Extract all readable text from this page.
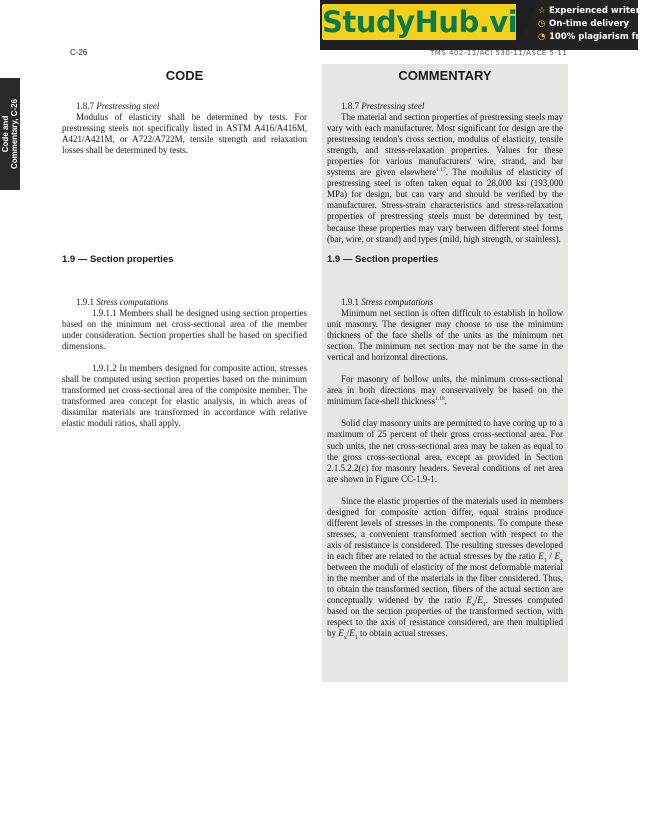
StudyHub.vip ☆ Experienced writers
◷ On-time delivery
◔ 100% plagiarism free
TMS 402-11/ACI 530-11/ASCE 5-11
C-26
Code and
Commentary, C-26
CODE	COMMENTARY
1.8.7 Prestressing steel

Modulus of elasticity shall be determined by tests. For prestressing steels not specifically listed in ASTM A416/A416M, A421/A421M, or A722/A722M, tensile strength and relaxation losses shall be determined by tests.

1.9 — Section properties
1.9.1 Stress computations

1.9.1.1 Members shall be designed using section properties based on the minimum net cross-sectional area of the member under consideration. Section properties shall be based on specified dimensions.

1.9.1.2 In members designed for composite action, stresses shall be computed using section properties based on the minimum transformed net cross-sectional area of the composite member. The transformed area concept for elastic analysis, in which areas of dissimilar materials are transformed in accordance with relative elastic moduli ratios, shall apply.

1.8.7 Prestressing steel

The material and section properties of prestressing steels may vary with each manufacturer. Most significant for design are the prestressing tendon's cross section, modulus of elasticity, tensile strength, and stress-relaxation properties. Values for these properties for various manufacturers' wire, strand, and bar systems are given elsewhere$^{1.17}$. The modulus of elasticity of prestressing steel is often taken equal to 28,000 ksi (193,000 MPa) for design, but can vary and should be verified by the manufacturer. Stress-strain characteristics and stress-relaxation properties of prestressing steels must be determined by test, because these properties may vary between different steel forms (bar, wire, or strand) and types (mild, high strength, or stainless).

1.9 — Section properties
1.9.1 Stress computations

Minimum net section is often difficult to establish in hollow unit masonry. The designer may choose to use the minimum thickness of the face shells of the units as the minimum net section. The minimum net section may not be the same in the vertical and horizontal directions.

For masonry of hollow units, the minimum cross-sectional area in both directions may conservatively be based on the minimum face-shell thickness$^{1.18}$.

Solid clay masonry units are permitted to have coring up to a maximum of 25 percent of their gross cross-sectional area. For such units, the net cross-sectional area may be taken as equal to the gross cross-sectional area, except as provided in Section 2.1.5.2.2(c) for masonry headers. Several conditions of net area are shown in Figure CC-1.9-1.

Since the elastic properties of the materials used in members designed for composite action differ, equal strains produce different levels of stresses in the components. To compute these stresses, a convenient transformed section with respect to the axis of resistance is considered. The resulting stresses developed in each fiber are related to the actual stresses by the ratio $E_1 / E_x$ between the moduli of elasticity of the most deformable material in the member and of the materials in the fiber considered. Thus, to obtain the transformed section, fibers of the actual section are conceptually widened by the ratio $E_x/E_1$. Stresses computed based on the section properties of the transformed section, with respect to the axis of resistance considered, are then multiplied by $E_x/E_1$ to obtain actual stresses.
